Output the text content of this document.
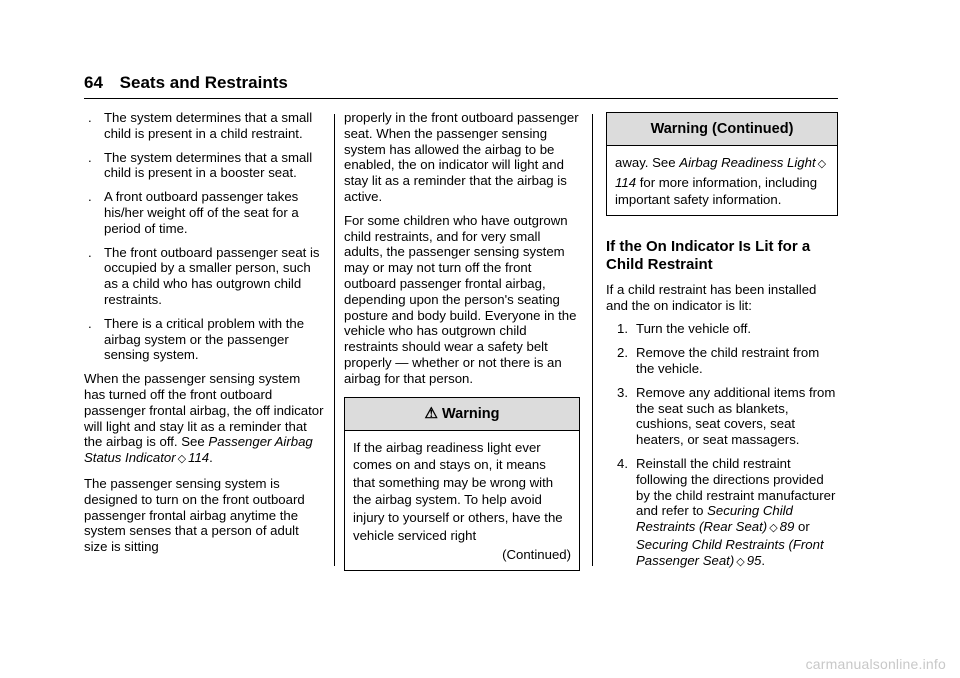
64 Seats and Restraints
. The system determines that a small child is present in a child restraint.
. The system determines that a small child is present in a booster seat.
. A front outboard passenger takes his/her weight off of the seat for a period of time.
. The front outboard passenger seat is occupied by a smaller person, such as a child who has outgrown child restraints.
. There is a critical problem with the airbag system or the passenger sensing system.

When the passenger sensing system has turned off the front outboard passenger frontal airbag, the off indicator will light and stay lit as a reminder that the airbag is off. See Passenger Airbag Status Indicator ◇ 114.

The passenger sensing system is designed to turn on the front outboard passenger frontal airbag anytime the system senses that a person of adult size is sitting

properly in the front outboard passenger seat. When the passenger sensing system has allowed the airbag to be enabled, the on indicator will light and stay lit as a reminder that the airbag is active.

For some children who have outgrown child restraints, and for very small adults, the passenger sensing system may or may not turn off the front outboard passenger frontal airbag, depending upon the person's seating posture and body build. Everyone in the vehicle who has outgrown child restraints should wear a safety belt properly — whether or not there is an airbag for that person.

⚠ Warning

If the airbag readiness light ever comes on and stays on, it means that something may be wrong with the airbag system. To help avoid injury to yourself or others, have the vehicle serviced right

(Continued)
Warning (Continued)

away. See Airbag Readiness Light ◇114 for more information, including important safety information.

If the On Indicator Is Lit for a Child Restraint

If a child restraint has been installed and the on indicator is lit:

1. Turn the vehicle off.
2. Remove the child restraint from the vehicle.
3. Remove any additional items from the seat such as blankets, cushions, seat covers, seat heaters, or seat massagers.
4. Reinstall the child restraint following the directions provided by the child restraint manufacturer and refer to Securing Child Restraints (Rear Seat) ◇ 89 or Securing Child Restraints (Front Passenger Seat) ◇ 95.
carmanualsonline.info
